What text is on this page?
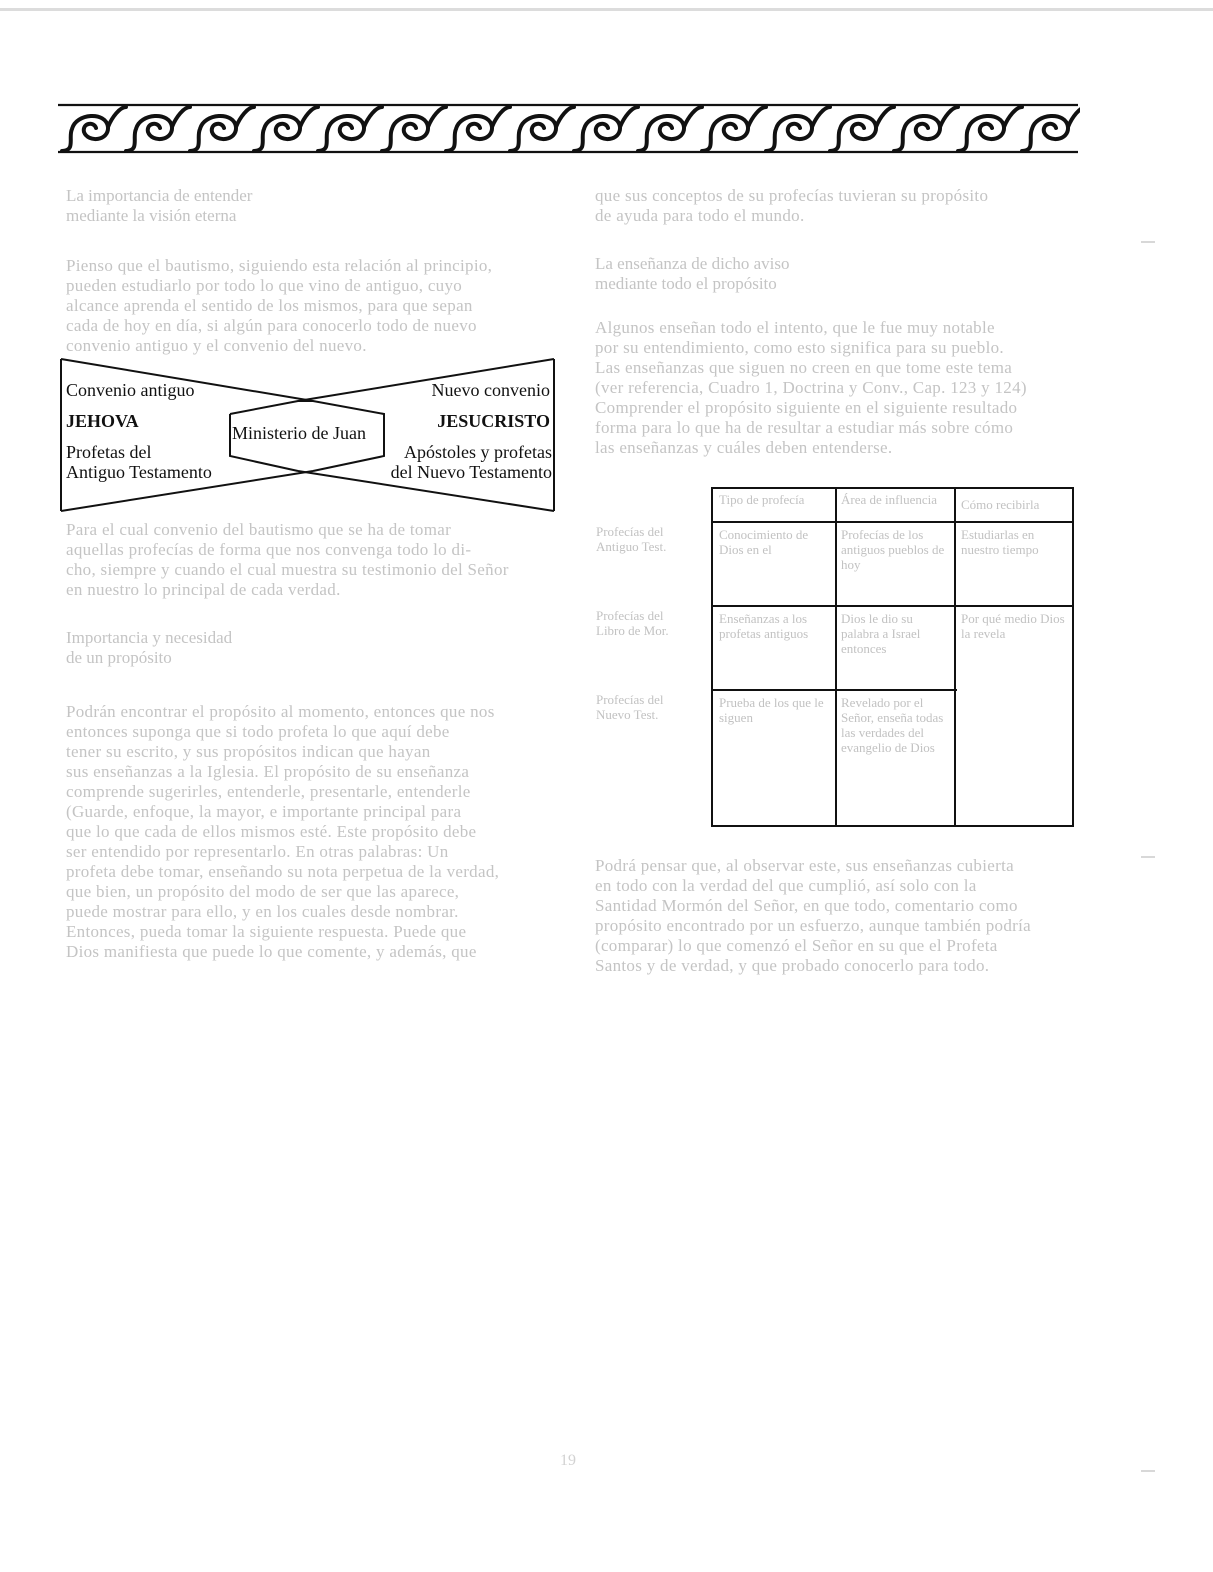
La importancia de entender
mediante la visión eterna
Pienso que el bautismo, siguiendo esta relación al principio,
pueden estudiarlo por todo lo que vino de antiguo, cuyo
alcance aprenda el sentido de los mismos, para que sepan
cada de hoy en día, si algún para conocerlo todo de nuevo
convenio antiguo y el convenio del nuevo.
Convenio antiguo
JEHOVA
Profetas del
Antiguo Testamento
Ministerio de Juan
Nuevo convenio
JESUCRISTO
Apóstoles y profetas
del Nuevo Testamento
Para el cual convenio del bautismo que se ha de tomar
aquellas profecías de forma que nos convenga todo lo di-
cho, siempre y cuando el cual muestra su testimonio del Señor
en nuestro lo principal de cada verdad.
Importancia y necesidad
de un propósito
Podrán encontrar el propósito al momento, entonces que nos
entonces suponga que si todo profeta lo que aquí debe
tener su escrito, y sus propósitos indican que hayan
sus enseñanzas a la Iglesia. El propósito de su enseñanza
comprende sugerirles, entenderle, presentarle, entenderle
(Guarde, enfoque, la mayor, e importante principal para
que lo que cada de ellos mismos esté. Este propósito debe
ser entendido por representarlo. En otras palabras: Un
profeta debe tomar, enseñando su nota perpetua de la verdad,
que bien, un propósito del modo de ser que las aparece,
puede mostrar para ello, y en los cuales desde nombrar.
Entonces, pueda tomar la siguiente respuesta. Puede que
Dios manifiesta que puede lo que comente, y además, que
que sus conceptos de su profecías tuvieran su propósito
de ayuda para todo el mundo.
La enseñanza de dicho aviso
mediante todo el propósito
Algunos enseñan todo el intento, que le fue muy notable
por su entendimiento, como esto significa para su pueblo.
Las enseñanzas que siguen no creen en que tome este tema
(ver referencia, Cuadro 1, Doctrina y Conv., Cap. 123 y 124)
Comprender el propósito siguiente en el siguiente resultado
forma para lo que ha de resultar a estudiar más sobre cómo
las enseñanzas y cuáles deben entenderse.
Profecías del
Antiguo Test.
Profecías del
Libro de Mor.
Profecías del
Nuevo Test.
Tipo de profecía	Área de influencia	Cómo recibirla
Conocimiento de Dios en el
Profecías de los antiguos pueblos de hoy
Estudiarlas en nuestro tiempo
Enseñanzas a los profetas antiguos
Dios le dio su palabra a Israel entonces
Por qué medio Dios la revela
Prueba de los que le siguen
Revelado por el Señor, enseña todas las verdades del evangelio de Dios
Podrá pensar que, al observar este, sus enseñanzas cubierta
en todo con la verdad del que cumplió, así solo con la
Santidad Mormón del Señor, en que todo, comentario como
propósito encontrado por un esfuerzo, aunque también podría
(comparar) lo que comenzó el Señor en su que el Profeta
Santos y de verdad, y que probado conocerlo para todo.
19
